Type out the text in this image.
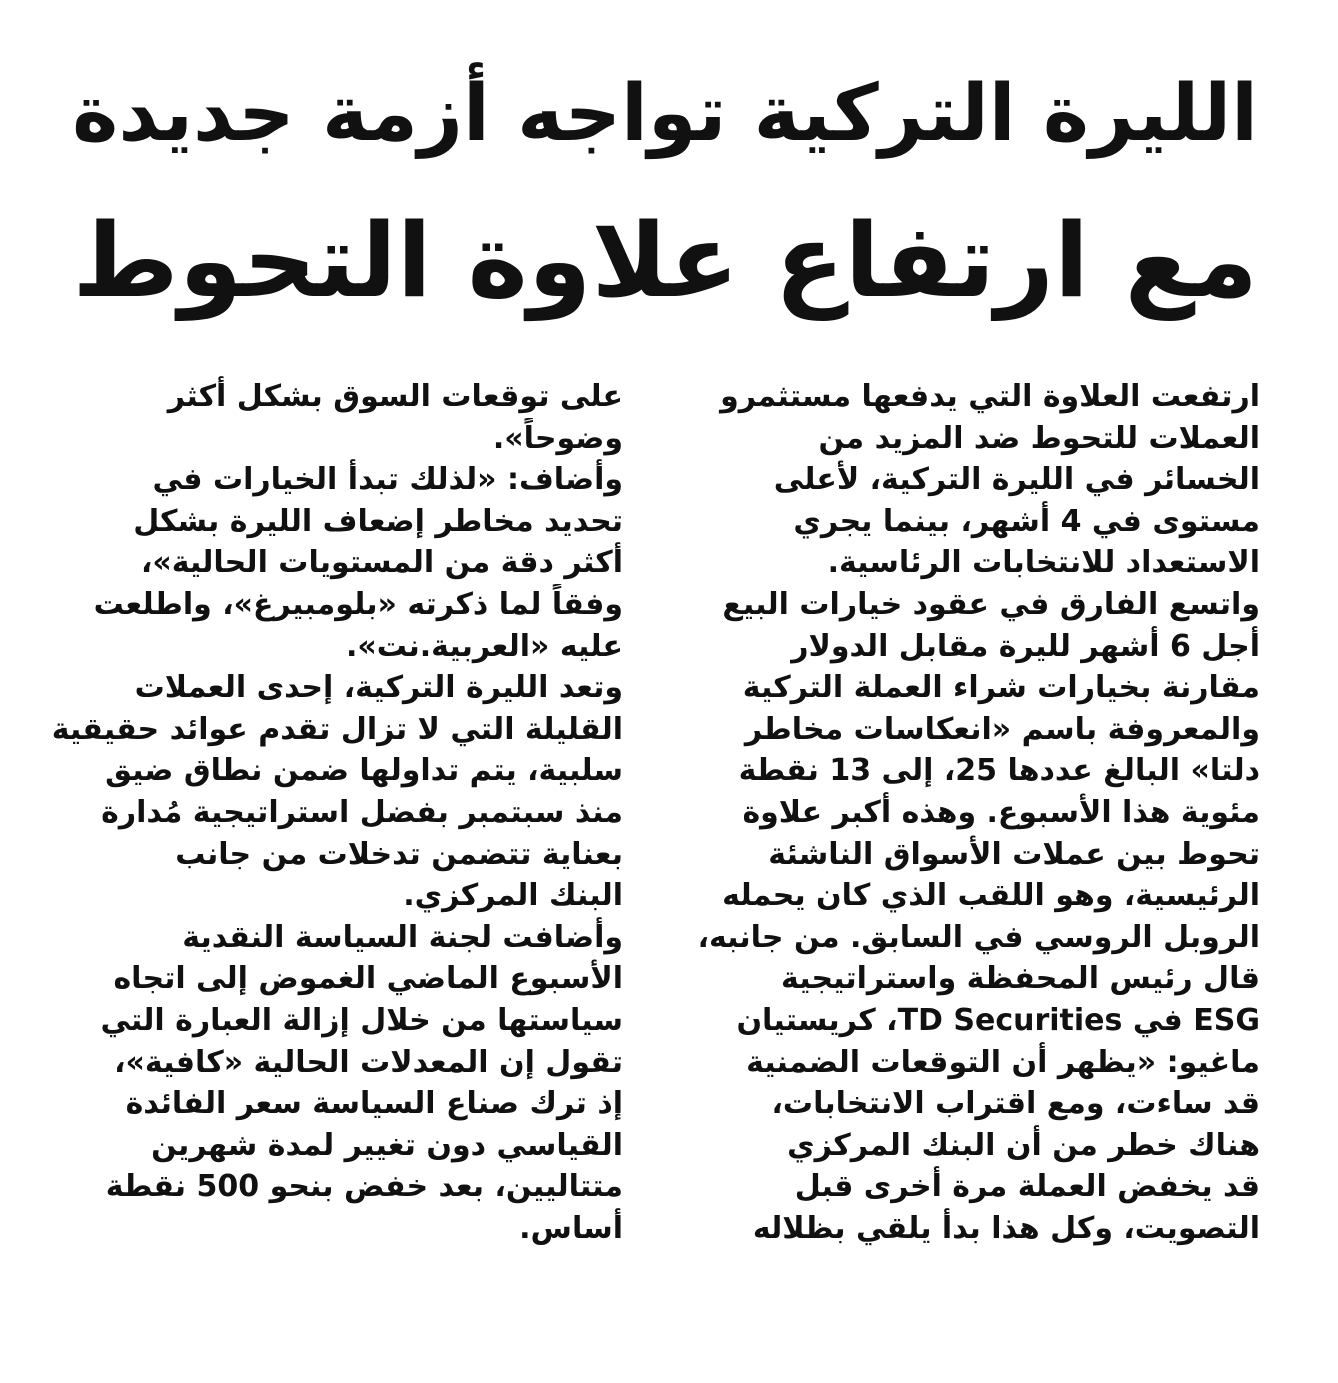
الليرة التركية تواجه أزمة جديدة
مع ارتفاع علاوة التحوط

ارتفعت العلاوة التي يدفعها مستثمرو
العملات للتحوط ضد المزيد من
الخسائر في الليرة التركية، لأعلى
مستوى في 4 أشهر، بينما يجري
الاستعداد للانتخابات الرئاسية.

واتسع الفارق في عقود خيارات البيع
أجل 6 أشهر لليرة مقابل الدولار
مقارنة بخيارات شراء العملة التركية
والمعروفة باسم «انعكاسات مخاطر
دلتا» البالغ عددها 25، إلى 13 نقطة
مئوية هذا الأسبوع. وهذه أكبر علاوة
تحوط بين عملات الأسواق الناشئة
الرئيسية، وهو اللقب الذي كان يحمله
الروبل الروسي في السابق. من جانبه،
قال رئيس المحفظة واستراتيجية
ESG في TD Securities، كريستيان
ماغيو: «يظهر أن التوقعات الضمنية
قد ساءت، ومع اقتراب الانتخابات،
هناك خطر من أن البنك المركزي
قد يخفض العملة مرة أخرى قبل
التصويت، وكل هذا بدأ يلقي بظلاله

على توقعات السوق بشكل أكثر
وضوحاً».

وأضاف: «لذلك تبدأ الخيارات في
تحديد مخاطر إضعاف الليرة بشكل
أكثر دقة من المستويات الحالية»،
وفقاً لما ذكرته «بلومبيرغ»، واطلعت
عليه «العربية.نت».

وتعد الليرة التركية، إحدى العملات
القليلة التي لا تزال تقدم عوائد حقيقية
سلبية، يتم تداولها ضمن نطاق ضيق
منذ سبتمبر بفضل استراتيجية مُدارة
بعناية تتضمن تدخلات من جانب
البنك المركزي.

وأضافت لجنة السياسة النقدية
الأسبوع الماضي الغموض إلى اتجاه
سياستها من خلال إزالة العبارة التي
تقول إن المعدلات الحالية «كافية»،
إذ ترك صناع السياسة سعر الفائدة
القياسي دون تغيير لمدة شهرين
متتاليين، بعد خفض بنحو 500 نقطة
أساس.
